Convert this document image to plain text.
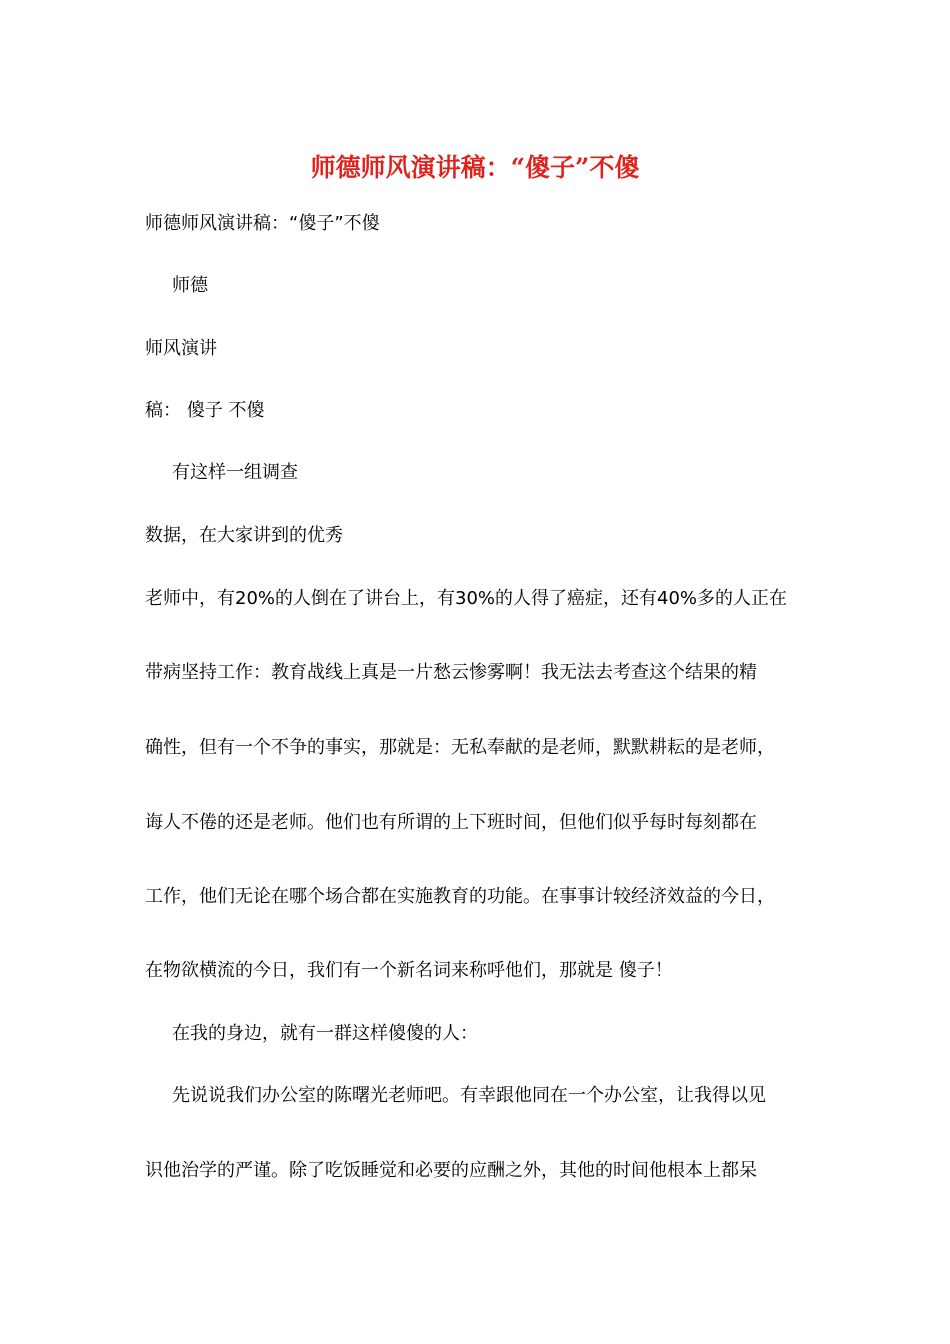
师德师风演讲稿：“傻子”不傻
师德师风演讲稿：“傻子”不傻
师德
师风演讲
稿： 傻子 不傻
有这样一组调查
数据，在大家讲到的优秀
老师中，有20%的人倒在了讲台上，有30%的人得了癌症，还有40%多的人正在
带病坚持工作：教育战线上真是一片愁云惨雾啊！我无法去考查这个结果的精
确性，但有一个不争的事实，那就是：无私奉献的是老师，默默耕耘的是老师，
诲人不倦的还是老师。他们也有所谓的上下班时间，但他们似乎每时每刻都在
工作，他们无论在哪个场合都在实施教育的功能。在事事计较经济效益的今日，
在物欲横流的今日，我们有一个新名词来称呼他们，那就是 傻子！
在我的身边，就有一群这样傻傻的人：
先说说我们办公室的陈曙光老师吧。有幸跟他同在一个办公室，让我得以见
识他治学的严谨。除了吃饭睡觉和必要的应酬之外，其他的时间他根本上都呆
